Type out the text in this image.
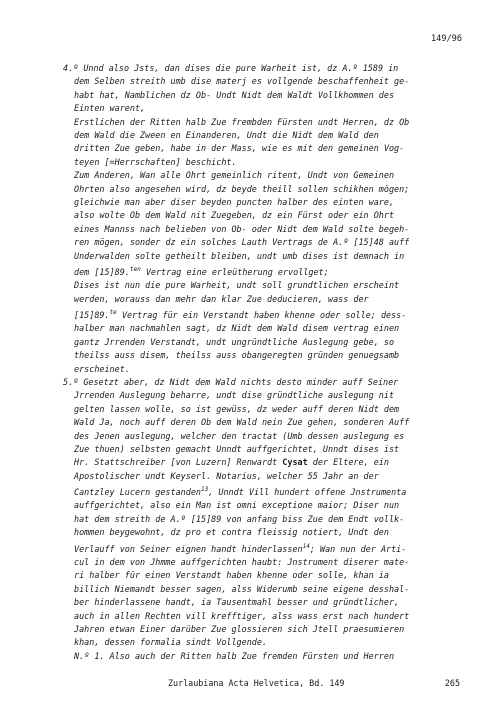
149/96
4.º Unnd also Jsts, dan dises die pure Warheit ist, dz A.º 1589 in
dem Selben streith umb dise materj es vollgende beschaffenheit ge-
habt hat, Namblichen dz Ob- Undt Nidt dem Waldt Vollkhommen des
Einten warent,
Erstlichen der Ritten halb Zue frembden Fürsten undt Herren, dz Ob
dem Wald die Zween en Einanderen, Undt die Nidt dem Wald den
dritten Zue geben, habe in der Mass, wie es mit den gemeinen Vog-
teyen [=Herrschaften] beschicht.
Zum Anderen, Wan alle Ohrt gemeinlich ritent, Undt von Gemeinen
Ohrten also angesehen wird, dz beyde theill sollen schikhen mögen;
gleichwie man aber diser beyden puncten halber des einten ware,
also wolte Ob dem Wald nit Zuegeben, dz ein Fürst oder ein Ohrt
eines Mannss nach belieben von Ob- oder Nidt dem Wald solte begeh-
ren mögen, sonder dz ein solches Lauth Vertrags de A.º [15]48 auff
Underwalden solte getheilt bleiben, undt umb dises ist demnach in
dem [15]89.$^{ten}$ Vertrag eine erleütherung ervollget;
Dises ist nun die pure Warheit, undt soll grundtlichen erscheint
werden, worauss dan mehr dan klar Zue deducieren, wass der
[15]89.$^{te}$ Vertrag für ein Verstandt haben khenne oder solle; dess-
halber man nachmahlen sagt, dz Nidt dem Wald disem vertrag einen
gantz Jrrenden Verstandt, undt ungründtliche Auslegung gebe, so
theilss auss disem, theilss auss obangeregten gründen genuegsamb
erscheinet.
5.º Gesetzt aber, dz Nidt dem Wald nichts desto minder auff Seiner
Jrrenden Auslegung beharre, undt dise gründtliche auslegung nit
gelten lassen wolle, so ist gewüss, dz weder auff deren Nidt dem
Wald Ja, noch auff deren Ob dem Wald nein Zue gehen, sonderen Auff
des Jenen auslegung, welcher den tractat (Umb dessen auslegung es
Zue thuen) selbsten gemacht Unndt auffgerichtet, Unndt dises ist
Hr. Stattschreiber [von Luzern] Renwardt Cysat der Eltere, ein
Apostolischer undt Keyserl. Notarius, welcher 55 Jahr an der
Cantzley Lucern gestanden$^{13}$, Unndt Vill hundert offene Jnstrumenta
auffgerichtet, also ein Man ist omni exceptione maior; Diser nun
hat dem streith de A.º [15]89 von anfang biss Zue dem Endt vollk-
hommen beygewohnt, dz pro et contra fleissig notiert, Undt den
Verlauff von Seiner eignen handt hinderlassen$^{14}$; Wan nun der Arti-
cul in dem von Jhmme auffgerichten haubt: Jnstrument diserer mate-
ri halber für einen Verstandt haben khenne oder solle, khan ia
billich Niemandt besser sagen, alss Widerumb seine eigene desshal-
ber hinderlassene handt, ia Tausentmahl besser und gründtlicher,
auch in allen Rechten vill krefftiger, alss wass erst nach hundert
Jahren etwan Einer darüber Zue glossieren sich Jtell praesumieren
khan, dessen formalia sindt Vollgende.
N.º 1. Also auch der Ritten halb Zue fremden Fürsten und Herren
Zurlaubiana Acta Helvetica, Bd. 149	265
